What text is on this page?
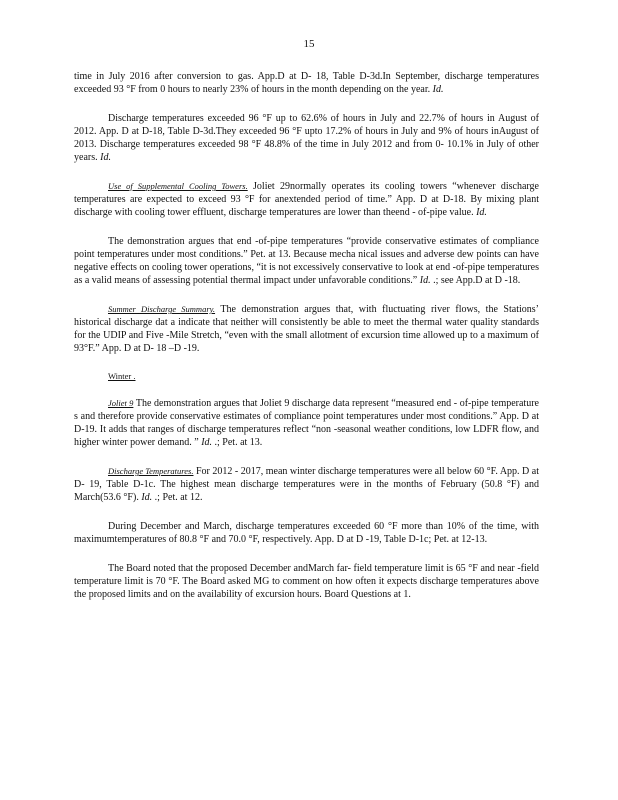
15

time in July 2016 after conversion to gas. App.D at D- 18, Table D-3d.In September, discharge temperatures exceeded 93 °F from 0 hours to nearly 23% of hours in the month depending on the year. Id.

Discharge temperatures exceeded 96 °F up to 62.6% of hours in July and 22.7% of hours in August of 2012. App. D at D-18, Table D-3d.They exceeded 96 °F upto 17.2% of hours in July and 9% of hours inAugust of 2013. Discharge temperatures exceeded 98 °F 48.8% of the time in July 2012 and from 0- 10.1% in July of other years. Id.

Use of Supplemental Cooling Towers. Joliet 29normally operates its cooling towers “whenever discharge temperatures are expected to exceed 93 °F for anextended period of time.” App. D at D-18. By mixing plant discharge with cooling tower effluent, discharge temperatures are lower than theend - of-pipe value. Id.

The demonstration argues that end -of-pipe temperatures “provide conservative estimates of compliance point temperatures under most conditions.” Pet. at 13. Because mecha nical issues and adverse dew points can have negative effects on cooling tower operations, “it is not excessively conservative to look at end -of-pipe temperatures as a valid means of assessing potential thermal impact under unfavorable conditions.” Id. .; see App.D at D -18.

Summer Discharge Summary. The demonstration argues that, with fluctuating river flows, the Stations’ historical discharge dat a indicate that neither will consistently be able to meet the thermal water quality standards for the UDIP and Five -Mile Stretch, “even with the small allotment of excursion time allowed up to a maximum of 93°F.” App. D at D- 18 –D -19.

Winter .

Joliet 9 The demonstration argues that Joliet 9 discharge data represent “measured end - of-pipe temperature s and therefore provide conservative estimates of compliance point temperatures under most conditions.” App. D at D-19. It adds that ranges of discharge temperatures reflect “non -seasonal weather conditions, low LDFR flow, and higher winter power demand. ” Id. .; Pet. at 13.

Discharge Temperatures. For 2012 - 2017, mean winter discharge temperatures were all below 60 °F. App. D at D- 19, Table D-1c. The highest mean discharge temperatures were in the months of February (50.8 °F) and March(53.6 °F). Id. .; Pet. at 12.

During December and March, discharge temperatures exceeded 60 °F more than 10% of the time, with maximumtemperatures of 80.8 °F and 70.0 °F, respectively. App. D at D -19, Table D-1c; Pet. at 12-13.

The Board noted that the proposed December andMarch far- field temperature limit is 65 °F and near -field temperature limit is 70 °F. The Board asked MG to comment on how often it expects discharge temperatures above the proposed limits and on the availability of excursion hours. Board Questions at 1.
